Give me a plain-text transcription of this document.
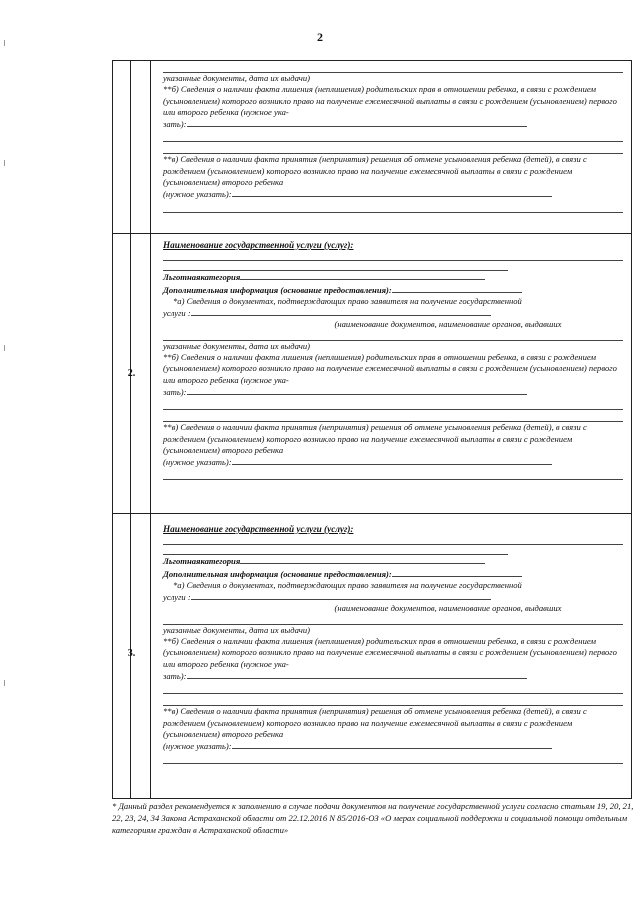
2
указанные документы, дата их выдачи)
**б) Сведения о наличии факта лишения (неплишения) родительских прав в отношении ребенка, в связи с рождением (усыновлением) которого возникло право на получение ежемесячной выплаты в связи с рождением (усыновлением) первого или второго ребенка (нужное ука-
зать):
**в) Сведения о наличии факта принятия (непринятия) решения об отмене усыновления ребенка (детей), в связи с рождением (усыновлением) которого возникло право на получение ежемесячной выплаты в связи с рождением (усыновлением) второго ребенка
(нужное указать):
2.
Наименование государственной услуги (услуг):
Льготнаякатегория
Дополнительная информация (основание предоставления):
*а) Сведения о документах, подтверждающих право заявителя на получение государственной
услуги :
(наименование документов, наименование органов, выдавших
указанные документы, дата их выдачи)
**б) Сведения о наличии факта лишения (неплишения) родительских прав в отношении ребенка, в связи с рождением (усыновлением) которого возникло право на получение ежемесячной выплаты в связи с рождением (усыновлением) первого или второго ребенка (нужное ука-
зать):
**в) Сведения о наличии факта принятия (непринятия) решения об отмене усыновления ребенка (детей), в связи с рождением (усыновлением) которого возникло право на получение ежемесячной выплаты в связи с рождением (усыновлением) второго ребенка
(нужное указать):
3.
Наименование государственной услуги (услуг):
Льготнаякатегория
Дополнительная информация (основание предоставления):
*а) Сведения о документах, подтверждающих право заявителя на получение государственной
услуги :
(наименование документов, наименование органов, выдавших
указанные документы, дата их выдачи)
**б) Сведения о наличии факта лишения (неплишения) родительских прав в отношении ребенка, в связи с рождением (усыновлением) которого возникло право на получение ежемесячной выплаты в связи с рождением (усыновлением) первого или второго ребенка (нужное ука-
зать):
**в) Сведения о наличии факта принятия (непринятия) решения об отмене усыновления ребенка (детей), в связи с рождением (усыновлением) которого возникло право на получение ежемесячной выплаты в связи с рождением (усыновлением) второго ребенка
(нужное указать):
* Данный раздел рекомендуется к заполнению в случае подачи документов на получение государственной услуги согласно статьям 19, 20, 21, 22, 23, 24, 34 Закона Астраханской области от 22.12.2016 N 85/2016-ОЗ «О мерах социальной поддержки и социальной помощи отдельным категориям граждан в Астраханской области»
